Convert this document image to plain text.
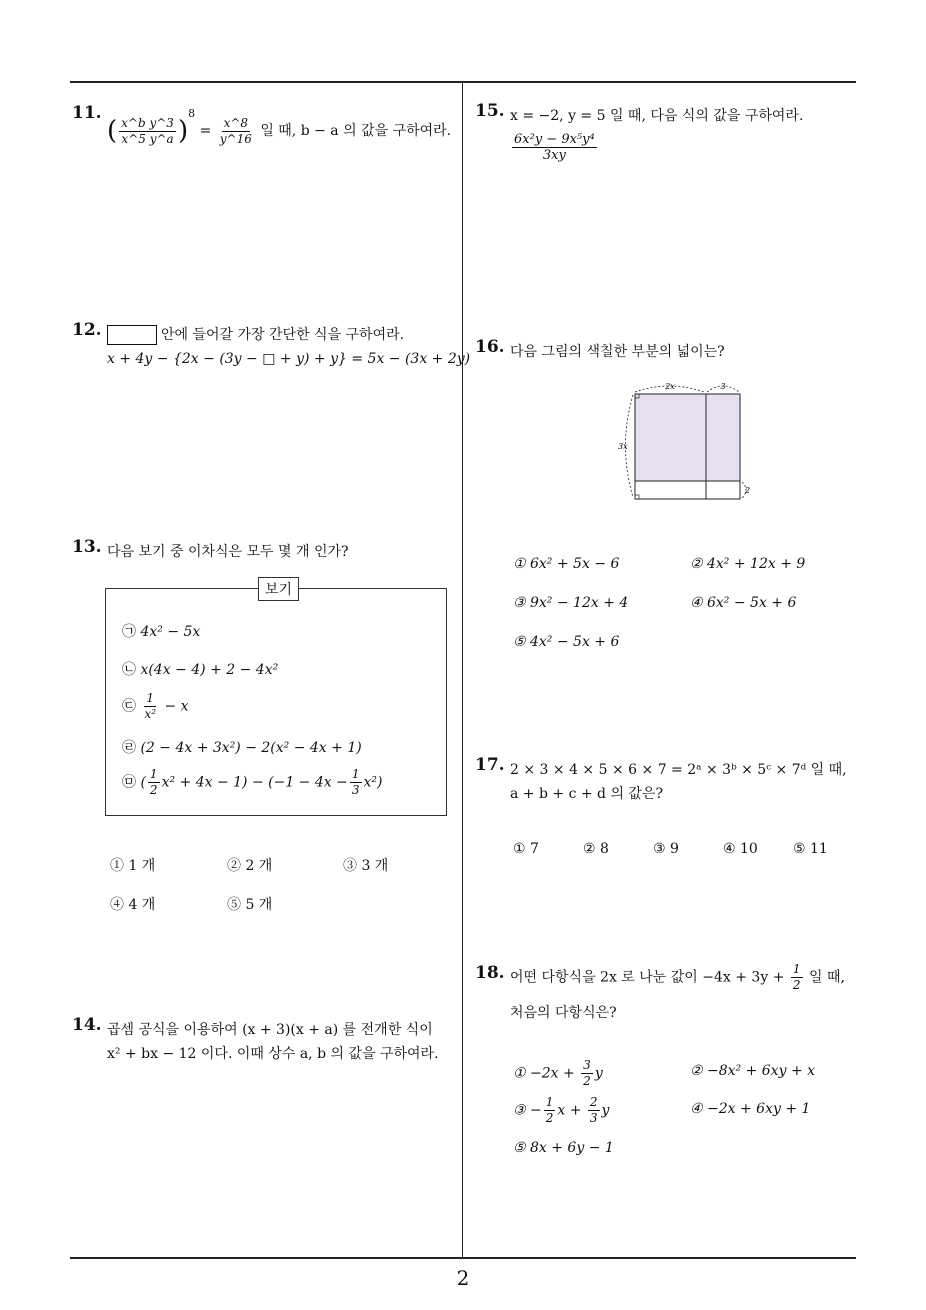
2
11.
( $\frac{\text{x\textasciicircum{}b y\textasciicircum{}3}}{x\^{}5 y\^{}a} )^8 = \frac{x\^{}8}{y\^{}16}$ 일 때, b − a 의 값을 구하여라.
12.	안에 들어갈 가장 간단한 식을 구하여라.
x + 4y − {2x − (3y − □ + y) + y} = 5x − (3x + 2y)
13. 다음 보기 중 이차식은 모두 몇 개 인가?
보기
㉠ 4x² − 5x
㉡ x(4x − 4) + 2 − 4x²
㉢ $\frac{1}{\text{x²}} - x$
㉣ (2 − 4x + 3x²) − 2(x² − 4x + 1)
㉤ ( $\frac{1}{2} x^2 + 4x - 1) - (-1 - 4x - \frac{1}{3} x^2)$
① 1 개	② 2 개	③ 3 개
④ 4 개	⑤ 5 개
14. 곱셈 공식을 이용하여 (x + 3)(x + a) 를 전개한 식이
x² + bx − 12 이다. 이때 상수 a, b 의 값을 구하여라.
15. x = −2, y = 5 일 때, 다음 식의 값을 구하여라.

$\frac{\text{6x²y − 9x⁵y⁴}}{3xy}$
16. 다음 그림의 색칠한 부분의 넓이는?
2x	3
3x
2
① 6x² + 5x − 6	② 4x² + 12x + 9
③ 9x² − 12x + 4	④ 6x² − 5x + 6
⑤ 4x² − 5x + 6
17. 2 × 3 × 4 × 5 × 6 × 7 = 2ᵃ × 3ᵇ × 5ᶜ × 7ᵈ 일 때,
a + b + c + d 의 값은?
① 7	② 8	③ 9	④ 10	⑤ 11
18. 어떤 다항식을 2x 로 나눈 값이 $-4x + 3y + \frac{1}{2}$ 일 때,
처음의 다항식은?
① $-2x + \frac{3}{2}$ y	② −8x² + 6xy + x
③ − $\frac{1}{2}$ $x + \frac{2}{3}$ y	④ −2x + 6xy + 1
⑤ 8x + 6y − 1
